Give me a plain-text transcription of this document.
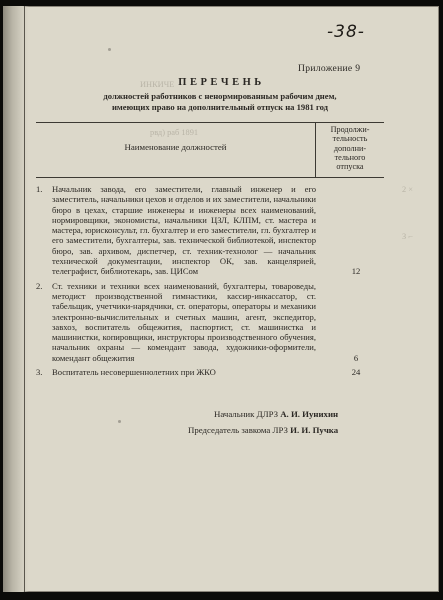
ИНКИЧЕ
рвд) раб 1891
2 ×
З ⌐
-38-
Приложение 9
ПЕРЕЧЕНЬ
должностей работников с ненормированным рабочим днем,
имеющих право на дополнительный отпуск на 1981 год
Наименование должностей
Продолжи-
тельность
дополни-
тельного
отпуска
1. Начальник завода, его заместители, главный инженер и его заместитель, начальники цехов и отделов и их заместители, начальники бюро в цехах, старшие инженеры и инженеры всех наименований, нормировщики, экономисты, начальники ЦЗЛ, КЛПМ, ст. мастера и мастера, юрисконсульт, гл. бухгалтер и его заместители, гл. бухгалтер и его заместители, бухгалтеры, зав. технической библиотекой, инспектор бюро, зав. архивом, диспетчер, ст. техник-технолог — начальник технической документации, инспектор ОК, зав. канцелярией, телеграфист, библиотекарь, зав. ЦИСом	12
2. Ст. техники и техники всех наименований, бухгалтеры, товароведы, методист производственной гимнастики, кассир-инкассатор, ст. табельщик, учетчики-нарядчики, ст. операторы, операторы и механики электронно-вычислительных и счетных машин, агент, экспедитор, завхоз, воспитатель общежития, паспортист, ст. машинистка и машинистки, копировщики, инструкторы производственного обучения, начальник охраны — комендант завода, художники-оформители, комендант общежития	6
3. Воспитатель несовершеннолетних при ЖКО	24
Начальник ДЛРЗ А. И. Иунихин
Председатель завкома ЛРЗ И. И. Пучка
